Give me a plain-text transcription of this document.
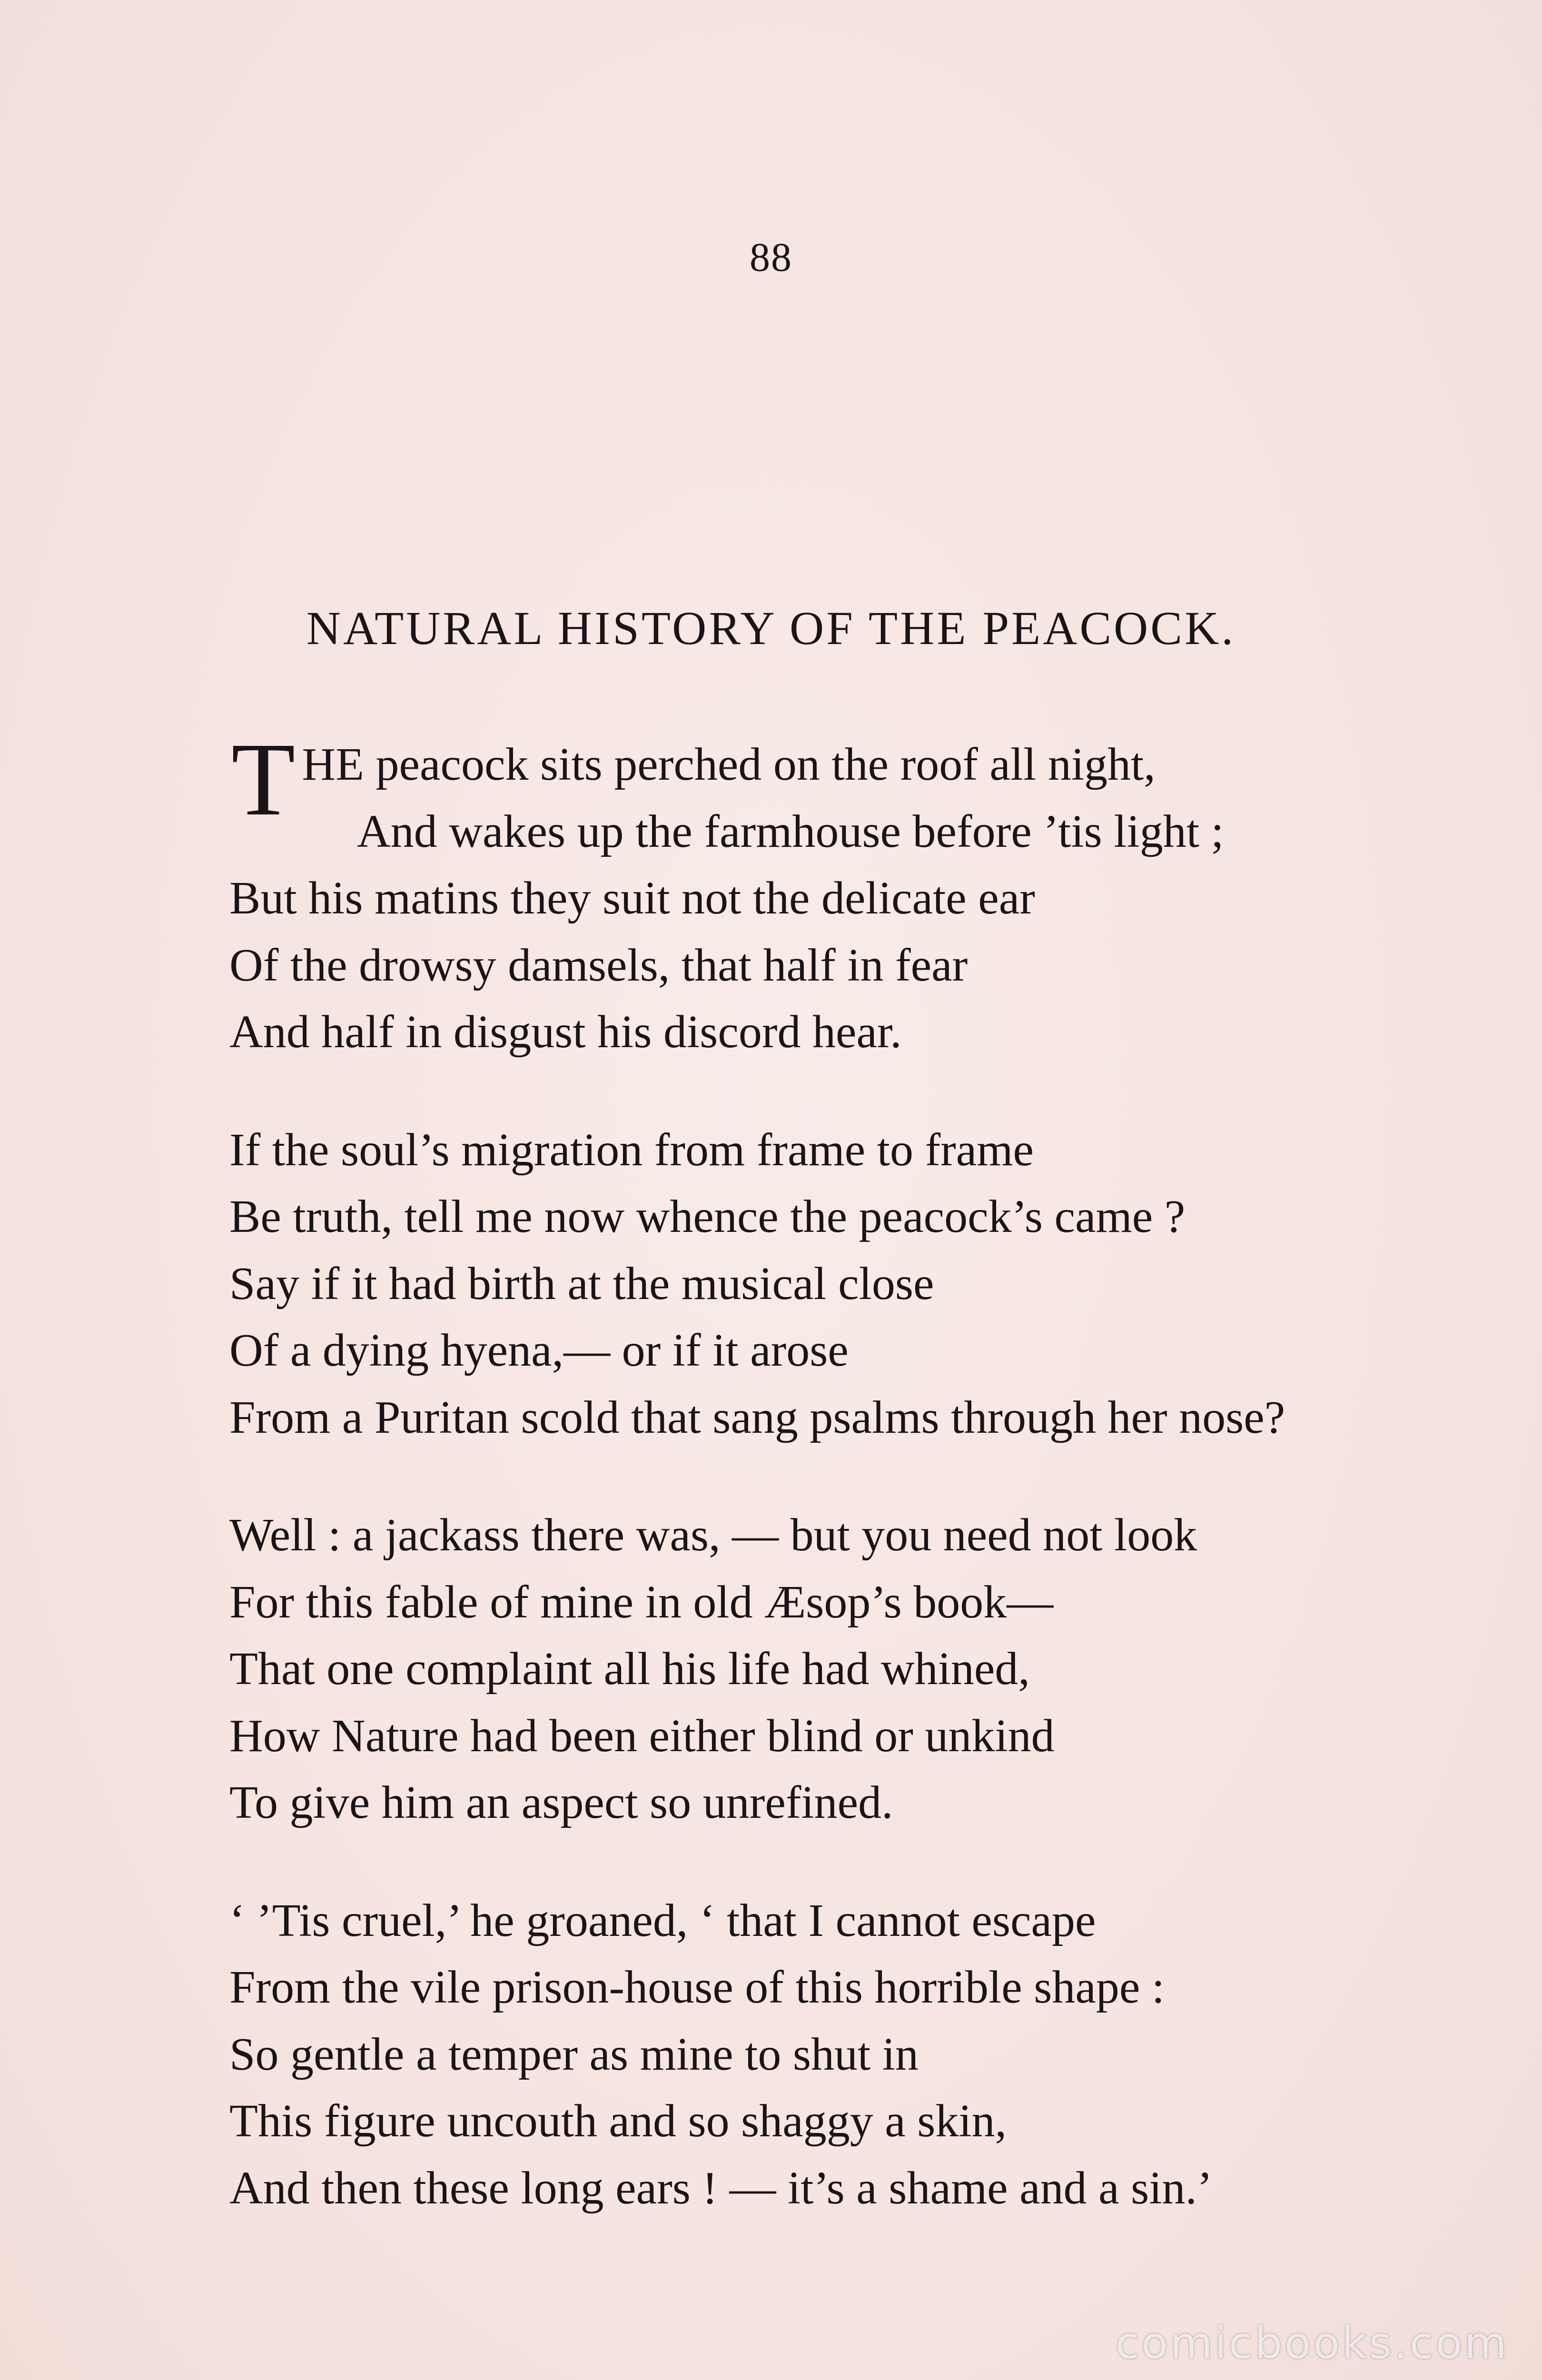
88
NATURAL HISTORY OF THE PEACOCK.
T HE peacock sits perched on the roof all night,
And wakes up the farmhouse before ’tis light ;
But his matins they suit not the delicate ear
Of the drowsy damsels, that half in fear
And half in disgust his discord hear.
If the soul’s migration from frame to frame
Be truth, tell me now whence the peacock’s came ?
Say if it had birth at the musical close
Of a dying hyena,— or if it arose
From a Puritan scold that sang psalms through her nose?
Well : a jackass there was, — but you need not look
For this fable of mine in old Æsop’s book—
That one complaint all his life had whined,
How Nature had been either blind or unkind
To give him an aspect so unrefined.
‘ ’Tis cruel,’ he groaned, ‘ that I cannot escape
From the vile prison-house of this horrible shape :
So gentle a temper as mine to shut in
This figure uncouth and so shaggy a skin,
And then these long ears ! — it’s a shame and a sin.’
comicbooks.com
